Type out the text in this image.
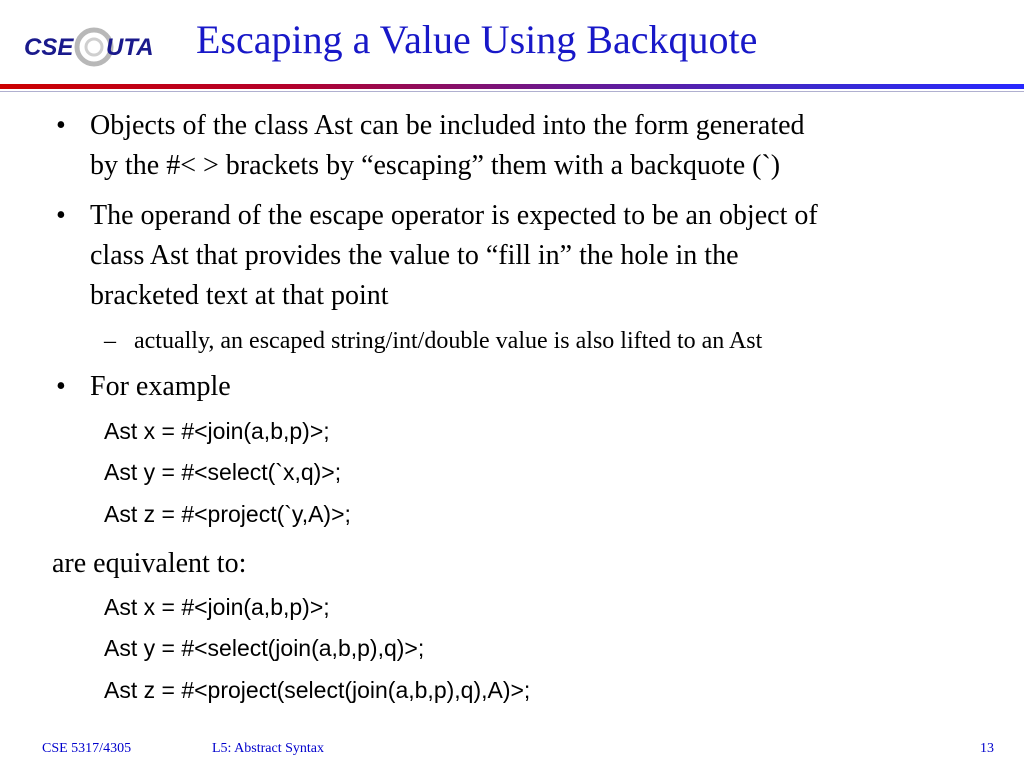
CSE UTA Escaping a Value Using Backquote
• Objects of the class Ast can be included into the form generated
by the #< > brackets by “escaping” them with a backquote (`)
• The operand of the escape operator is expected to be an object of
class Ast that provides the value to “fill in” the hole in the
bracketed text at that point
– actually, an escaped string/int/double value is also lifted to an Ast
• For example
Ast x = #<join(a,b,p)>;
Ast y = #<select(`x,q)>;
Ast z = #<project(`y,A)>;
are equivalent to:
Ast x = #<join(a,b,p)>;
Ast y = #<select(join(a,b,p),q)>;
Ast z = #<project(select(join(a,b,p),q),A)>;
CSE 5317/4305	L5: Abstract Syntax	13
